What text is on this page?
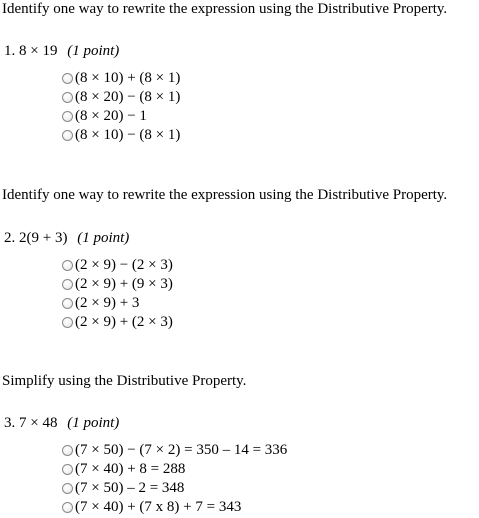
Identify one way to rewrite the expression using the Distributive Property.
1. 8 × 19 (1 point)
(8 × 10) + (8 × 1)
(8 × 20) − (8 × 1)
(8 × 20) − 1
(8 × 10) − (8 × 1)
Identify one way to rewrite the expression using the Distributive Property.
2. 2(9 + 3) (1 point)
(2 × 9) − (2 × 3)
(2 × 9) + (9 × 3)
(2 × 9) + 3
(2 × 9) + (2 × 3)
Simplify using the Distributive Property.
3. 7 × 48 (1 point)
(7 × 50) − (7 × 2) = 350 – 14 = 336
(7 × 40) + 8 = 288
(7 × 50) – 2 = 348
(7 × 40) + (7 x 8) + 7 = 343
